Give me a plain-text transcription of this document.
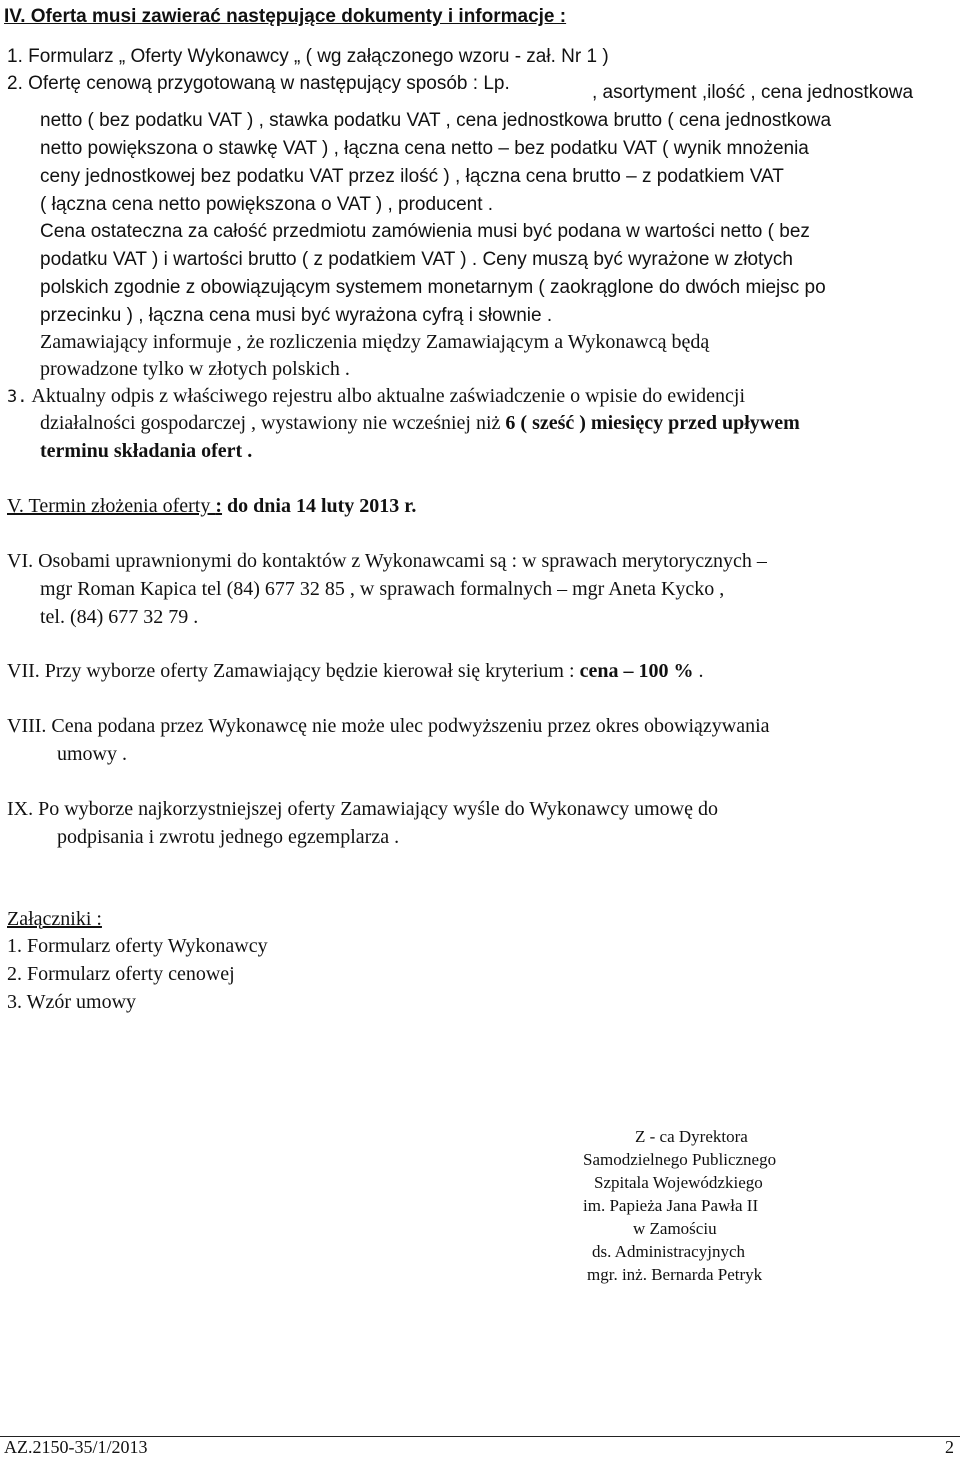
IV. Oferta musi zawierać następujące dokumenty i informacje :
1. Formularz „ Oferty Wykonawcy „ ( wg załączonego wzoru - zał. Nr 1 )
2. Ofertę cenową przygotowaną w następujący sposób : Lp.	, asortyment ,ilość , cena jednostkowa
netto ( bez podatku VAT ) , stawka podatku VAT , cena jednostkowa brutto ( cena jednostkowa
netto powiększona o stawkę VAT ) , łączna cena netto – bez podatku VAT ( wynik mnożenia
ceny jednostkowej bez podatku VAT przez ilość ) , łączna cena brutto – z podatkiem VAT
( łączna cena netto powiększona o VAT ) , producent .
Cena ostateczna za całość przedmiotu zamówienia musi być podana w wartości netto ( bez
podatku VAT ) i wartości brutto ( z podatkiem VAT ) . Ceny muszą być wyrażone w złotych
polskich zgodnie z obowiązującym systemem monetarnym ( zaokrąglone do dwóch miejsc po
przecinku ) , łączna cena musi być wyrażona cyfrą i słownie .
Zamawiający informuje , że rozliczenia między Zamawiającym a Wykonawcą będą
prowadzone tylko w złotych polskich .
3. Aktualny odpis z właściwego rejestru albo aktualne zaświadczenie o wpisie do ewidencji
działalności gospodarczej , wystawiony nie wcześniej niż 6 ( sześć ) miesięcy przed upływem
terminu składania ofert .
V. Termin złożenia oferty : do dnia 14 luty 2013 r.
VI. Osobami uprawnionymi do kontaktów z Wykonawcami są : w sprawach merytorycznych –
mgr Roman Kapica tel (84) 677 32 85 , w sprawach formalnych – mgr Aneta Kycko ,
tel. (84) 677 32 79 .
VII. Przy wyborze oferty Zamawiający będzie kierował się kryterium : cena – 100 % .
VIII. Cena podana przez Wykonawcę nie może ulec podwyższeniu przez okres obowiązywania
umowy .
IX. Po wyborze najkorzystniejszej oferty Zamawiający wyśle do Wykonawcy umowę do
podpisania i zwrotu jednego egzemplarza .
Załączniki :
1. Formularz oferty Wykonawcy
2. Formularz oferty cenowej
3. Wzór umowy
Z - ca Dyrektora
Samodzielnego Publicznego
Szpitala Wojewódzkiego
im. Papieża Jana Pawła II
w Zamościu
ds. Administracyjnych
mgr. inż. Bernarda Petryk
AZ.2150-35/1/2013	2
